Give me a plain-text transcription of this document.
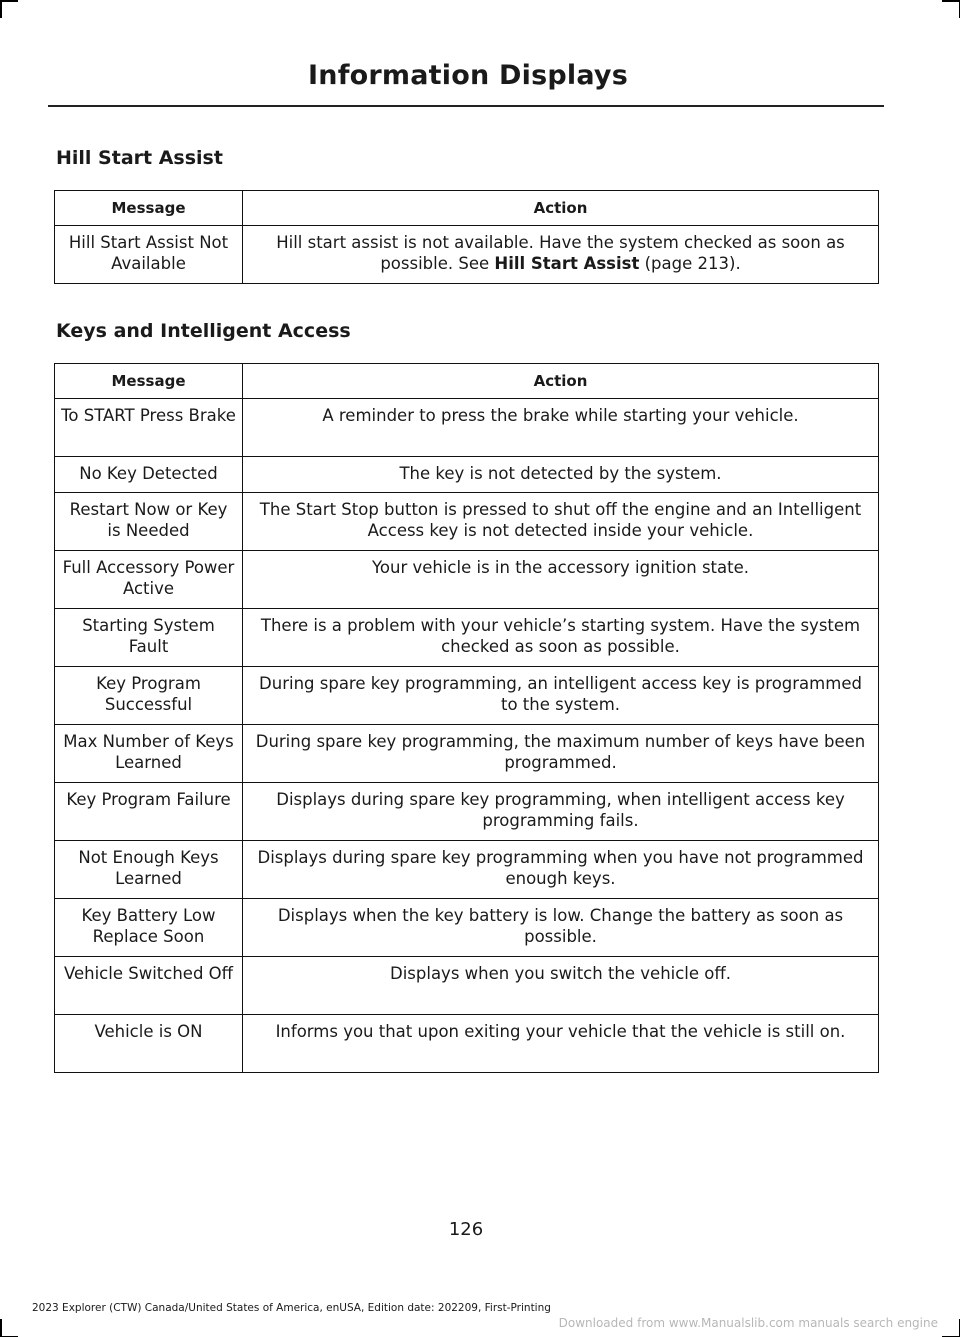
Information Displays
Hill Start Assist
Message	Action
Hill Start Assist Not Available	Hill start assist is not available. Have the system checked as soon as possible. See Hill Start Assist (page 213).
Keys and Intelligent Access
Message	Action
To START Press Brake	A reminder to press the brake while starting your vehicle.
No Key Detected	The key is not detected by the system.
Restart Now or Key is Needed	The Start Stop button is pressed to shut off the engine and an Intelligent Access key is not detected inside your vehicle.
Full Accessory Power Active	Your vehicle is in the accessory ignition state.
Starting System Fault	There is a problem with your vehicle’s starting system. Have the system checked as soon as possible.
Key Program Successful	During spare key programming, an intelligent access key is programmed to the system.
Max Number of Keys Learned	During spare key programming, the maximum number of keys have been programmed.
Key Program Failure	Displays during spare key programming, when intelligent access key programming fails.
Not Enough Keys Learned	Displays during spare key programming when you have not programmed enough keys.
Key Battery Low Replace Soon	Displays when the key battery is low. Change the battery as soon as possible.
Vehicle Switched Off	Displays when you switch the vehicle off.
Vehicle is ON	Informs you that upon exiting your vehicle that the vehicle is still on.
126
2023 Explorer (CTW) Canada/United States of America, enUSA, Edition date: 202209, First-Printing
Downloaded from www.Manualslib.com manuals search engine
